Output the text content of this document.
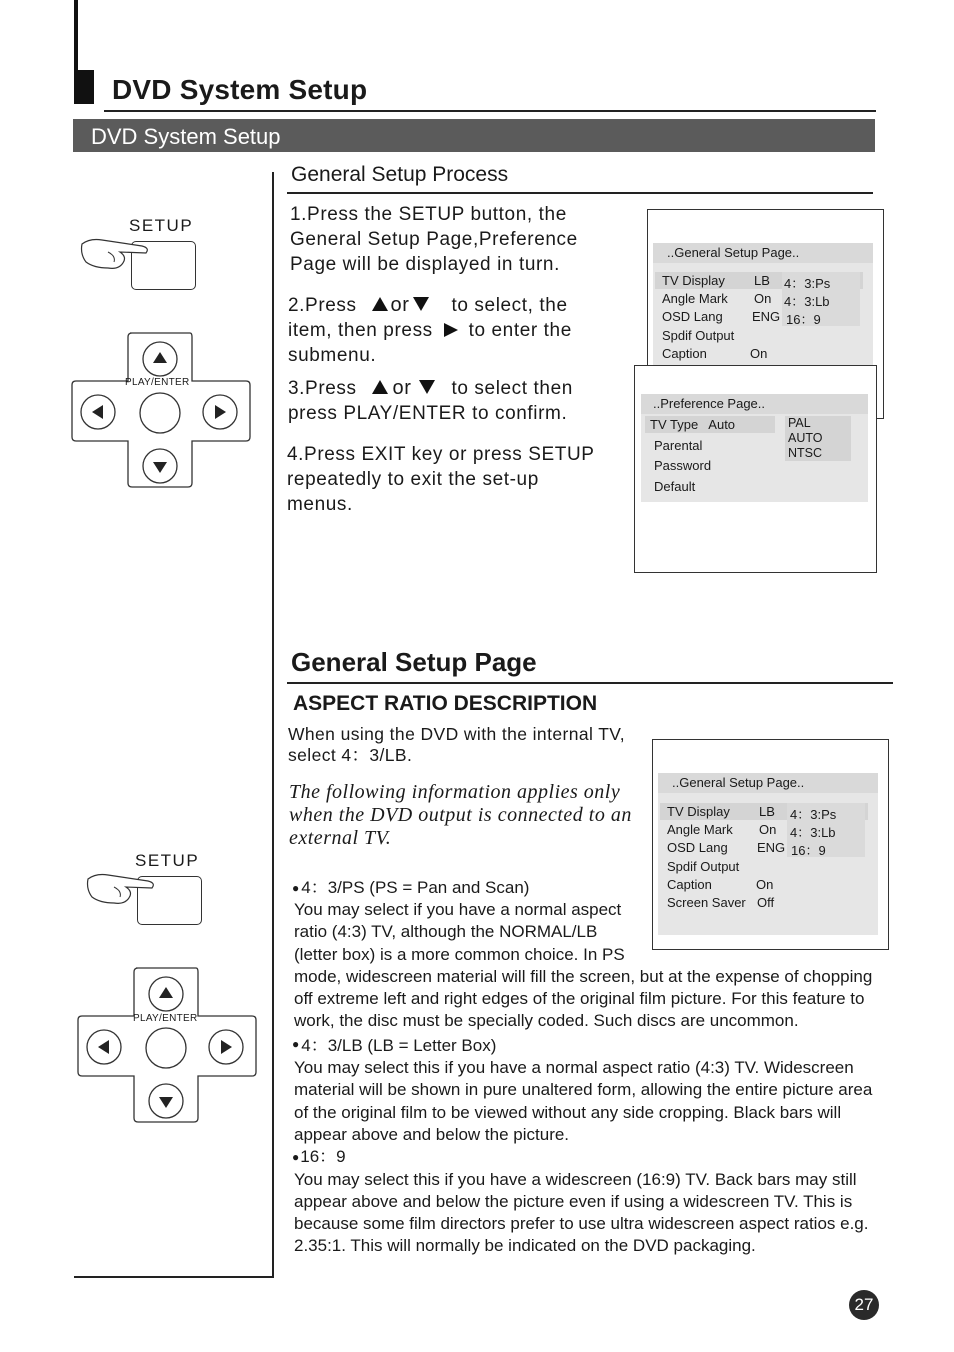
DVD System Setup
DVD System Setup
SETUP
PLAY/ENTER
General Setup Process
1.Press the SETUP button, the
General Setup Page,Preference
Page will be displayed in turn.
2.Press or to select, the
item, then press to enter the
submenu.
3.Press or to select then
press PLAY/ENTER to confirm.
4.Press EXIT key or press SETUP
repeatedly to exit the set-up
menus.
..General Setup Page..
TV Display LB 4：3:Ps
Angle Mark On 4：3:Lb
OSD Lang ENG 16：9
Spdif Output
Caption	On
..Preference Page..
TV Type   Auto
Parental
Password
Default
PAL
AUTO
NTSC
General Setup Page
ASPECT RATIO DESCRIPTION
When using the DVD with the internal TV,
select 4：3/LB.
The following information applies only
when the DVD output is connected to an
external TV.
..General Setup Page..
TV Display LB 4：3:Ps
Angle Mark On 4：3:Lb
OSD Lang ENG 16：9
Spdif Output
Caption	On
Screen Saver Off
● 4：3/PS (PS = Pan and Scan)
You may select if you have a normal aspect
ratio (4:3) TV, although the NORMAL/LB
(letter box) is a more common choice. In PS
mode, widescreen material will fill the screen, but at the expense of chopping
off extreme left and right edges of the original film picture. For this feature to
work, the disc must be specially coded. Such discs are uncommon.
● 4：3/LB (LB = Letter Box)
You may select this if you have a normal aspect ratio (4:3) TV. Widescreen
material will be shown in pure unaltered form, allowing the entire picture area
of the original film to be viewed without any side cropping. Black bars will
appear above and below the picture.
●16：9
You may select this if you have a widescreen (16:9) TV. Back bars may still
appear above and below the picture even if using a widescreen TV. This is
because some film directors prefer to use ultra widescreen aspect ratios e.g.
2.35:1. This will normally be indicated on the DVD packaging.
SETUP
PLAY/ENTER
27
